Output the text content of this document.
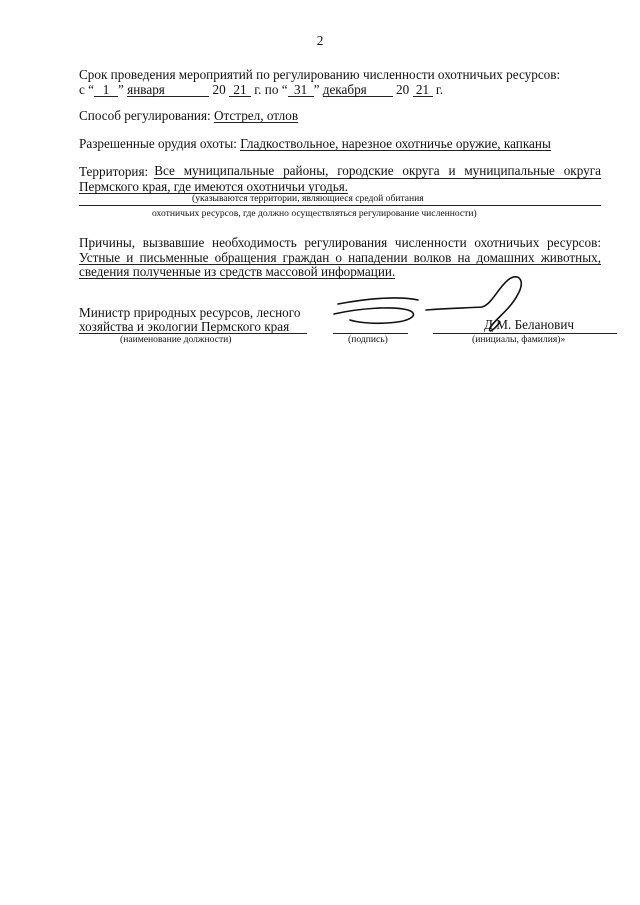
2
Срок проведения мероприятий по регулированию численности охотничьих ресурсов:
с “ 1 ” января	20 21 г. по “ 31 ” декабря 20 21 г.
Способ регулирования: Отстрел, отлов
Разрешенные орудия охоты: Гладкоствольное, нарезное охотничье оружие, капканы
Территория: Все муниципальные районы, городские округа и муниципальные округа
Пермского края, где имеются охотничьи угодья.
(указываются территории, являющиеся средой обитания
охотничьих ресурсов, где должно осуществляться регулирование численности)
Причины, вызвавшие необходимость регулирования численности охотничьих ресурсов:
Устные и письменные обращения граждан о нападении волков на домашних животных,
сведения полученные из средств массовой информации.
Министр природных ресурсов, лесного
хозяйства и экологии Пермского края
(наименование должности)	(подпись)
Д.М. Беланович
(инициалы, фамилия)»
